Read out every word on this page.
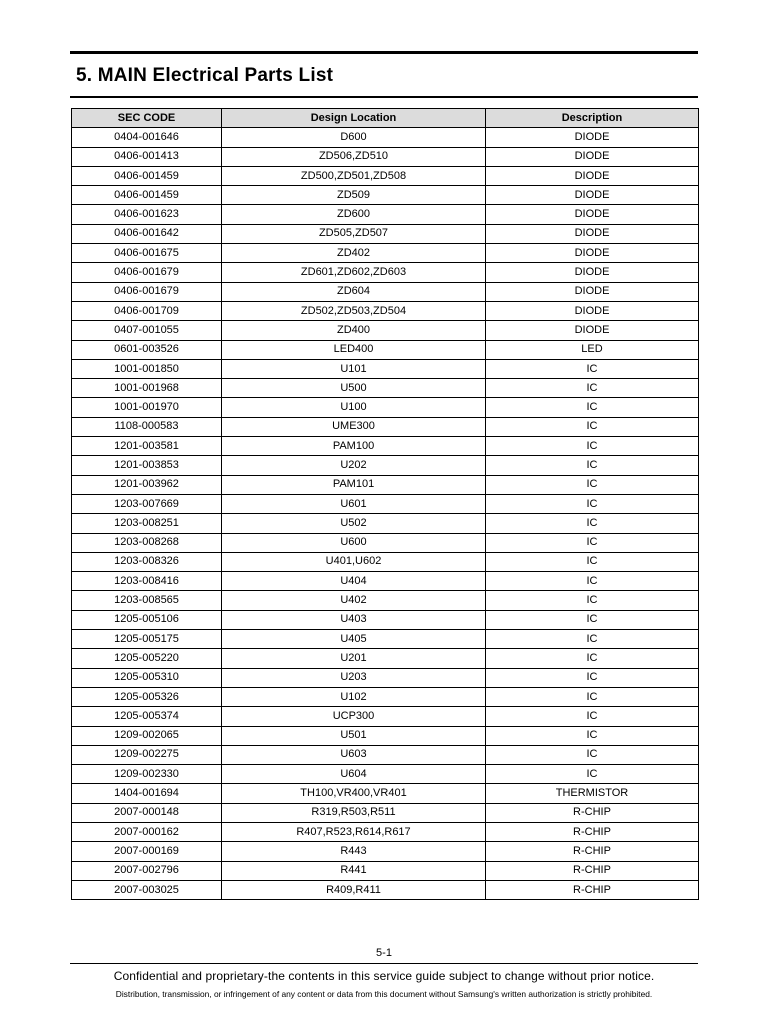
5. MAIN Electrical Parts List
SEC CODE	Design Location	Description
0404-001646	D600	DIODE
0406-001413	ZD506,ZD510	DIODE
0406-001459	ZD500,ZD501,ZD508	DIODE
0406-001459	ZD509	DIODE
0406-001623	ZD600	DIODE
0406-001642	ZD505,ZD507	DIODE
0406-001675	ZD402	DIODE
0406-001679	ZD601,ZD602,ZD603	DIODE
0406-001679	ZD604	DIODE
0406-001709	ZD502,ZD503,ZD504	DIODE
0407-001055	ZD400	DIODE
0601-003526	LED400	LED
1001-001850	U101	IC
1001-001968	U500	IC
1001-001970	U100	IC
1108-000583	UME300	IC
1201-003581	PAM100	IC
1201-003853	U202	IC
1201-003962	PAM101	IC
1203-007669	U601	IC
1203-008251	U502	IC
1203-008268	U600	IC
1203-008326	U401,U602	IC
1203-008416	U404	IC
1203-008565	U402	IC
1205-005106	U403	IC
1205-005175	U405	IC
1205-005220	U201	IC
1205-005310	U203	IC
1205-005326	U102	IC
1205-005374	UCP300	IC
1209-002065	U501	IC
1209-002275	U603	IC
1209-002330	U604	IC
1404-001694	TH100,VR400,VR401	THERMISTOR
2007-000148	R319,R503,R511	R-CHIP
2007-000162	R407,R523,R614,R617	R-CHIP
2007-000169	R443	R-CHIP
2007-002796	R441	R-CHIP
2007-003025	R409,R411	R-CHIP
5-1
Confidential and proprietary-the contents in this service guide subject to change without prior notice.
Distribution, transmission, or infringement of any content or data from this document without Samsung's written authorization is strictly prohibited.
